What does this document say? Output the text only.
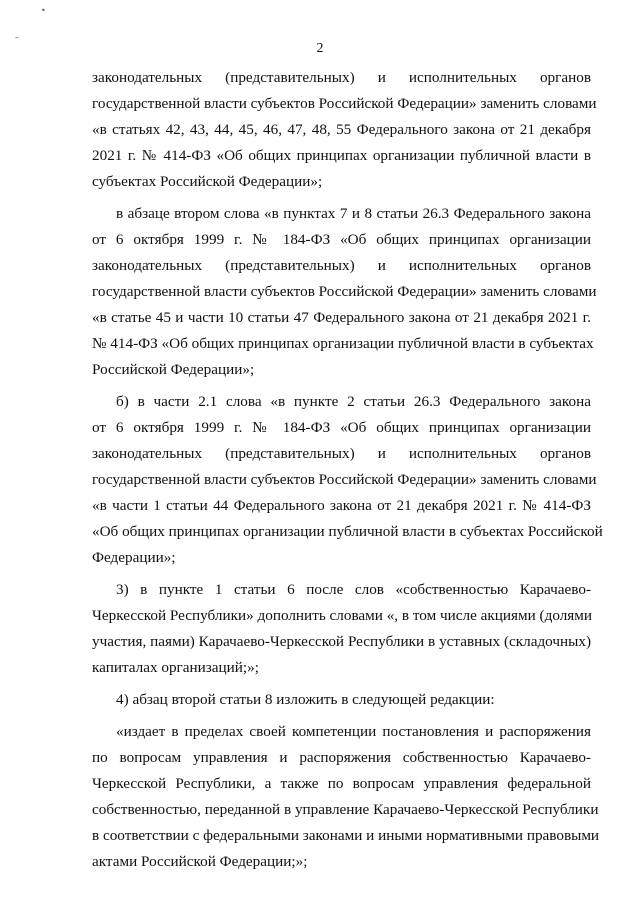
•
–
2
законодательных (представительных) и исполнительных органов
государственной власти субъектов Российской Федерации» заменить словами
«в статьях 42, 43, 44, 45, 46, 47, 48, 55 Федерального закона от 21 декабря
2021 г. № 414-ФЗ «Об общих принципах организации публичной власти в
субъектах Российской Федерации»;
в абзаце втором слова «в пунктах 7 и 8 статьи 26.3 Федерального закона
от 6 октября 1999 г. № 184-ФЗ «Об общих принципах организации
законодательных (представительных) и исполнительных органов
государственной власти субъектов Российской Федерации» заменить словами
«в статье 45 и части 10 статьи 47 Федерального закона от 21 декабря 2021 г.
№ 414-ФЗ «Об общих принципах организации публичной власти в субъектах
Российской Федерации»;
б) в части 2.1 слова «в пункте 2 статьи 26.3 Федерального закона
от 6 октября 1999 г. № 184-ФЗ «Об общих принципах организации
законодательных (представительных) и исполнительных органов
государственной власти субъектов Российской Федерации» заменить словами
«в части 1 статьи 44 Федерального закона от 21 декабря 2021 г. № 414-ФЗ
«Об общих принципах организации публичной власти в субъектах Российской
Федерации»;
3) в пункте 1 статьи 6 после слов «собственностью Карачаево-
Черкесской Республики» дополнить словами «, в том числе акциями (долями
участия, паями) Карачаево-Черкесской Республики в уставных (складочных)
капиталах организаций;»;
4) абзац второй статьи 8 изложить в следующей редакции:
«издает в пределах своей компетенции постановления и распоряжения
по вопросам управления и распоряжения собственностью Карачаево-
Черкесской Республики, а также по вопросам управления федеральной
собственностью, переданной в управление Карачаево-Черкесской Республики
в соответствии с федеральными законами и иными нормативными правовыми
актами Российской Федерации;»;
